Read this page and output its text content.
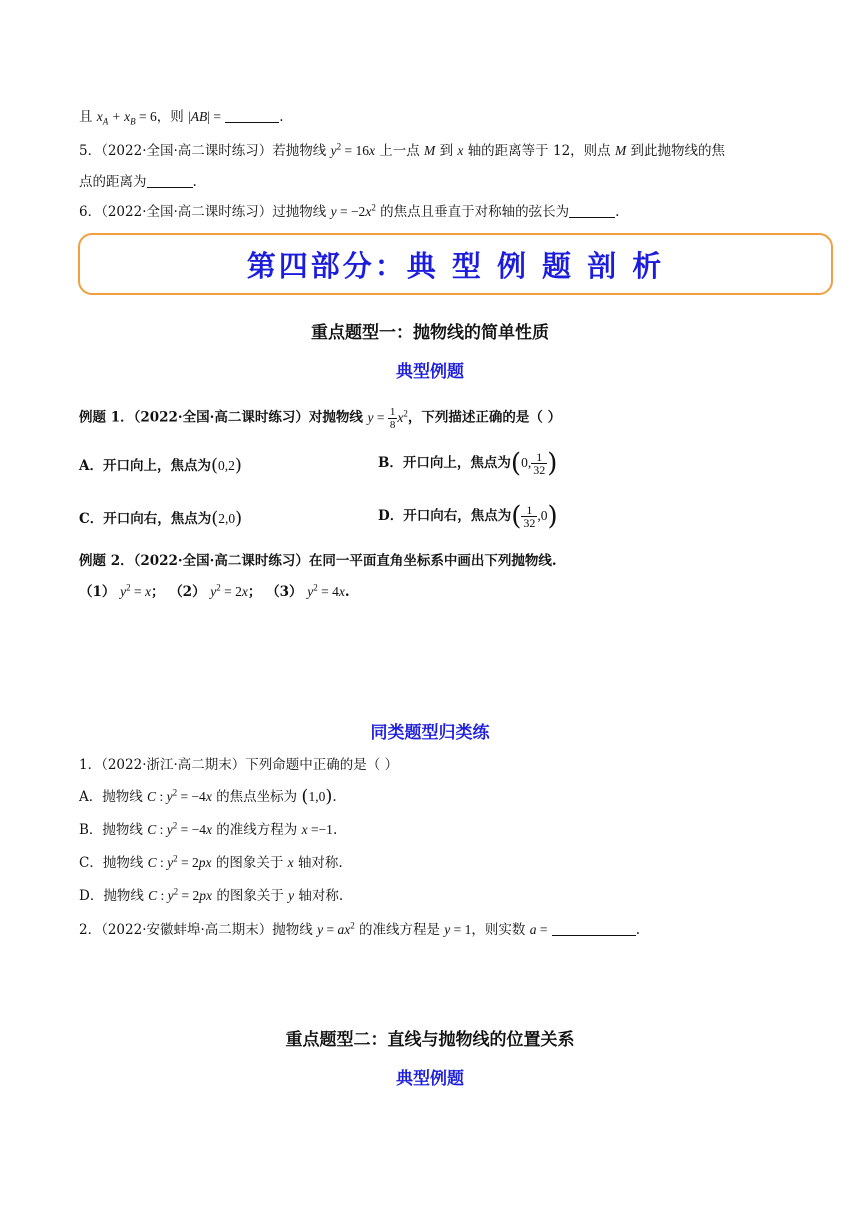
且 $x_A + x_B = 6$，则 |AB| =	.
5．（2022·全国·高二课时练习）若抛物线 $y^2 = 16x$ 上一点 M 到 x 轴的距离等于 12，则点 M 到此抛物线的焦
点的距离为	.
6．（2022·全国·高二课时练习）过抛物线 $y = -2x^2$ 的焦点且垂直于对称轴的弦长为	.
第四部分：典 型 例 题 剖 析
重点题型一：抛物线的简单性质
典型例题
例题 1．（2022·全国·高二课时练习）对抛物线 $y = \frac{1}{8} x^2$，下列描述正确的是（ ）
A．开口向上，焦点为(0,2)	B．开口向上，焦点为(0, $\frac{1}{32}$ )
C．开口向右，焦点为(2,0)	D．开口向右，焦点为( $\frac{1}{32} ,0$)
例题 2．（2022·全国·高二课时练习）在同一平面直角坐标系中画出下列抛物线.
（1） $y^2 = x$； （2） $y^2 = 2x$； （3） $y^2 = 4x$.
同类题型归类练
1．（2022·浙江·高二期末）下列命题中正确的是（ ）
A．抛物线 C : $y^2 = -4x$ 的焦点坐标为 (1,0).
B．抛物线 C : $y^2 = -4x$ 的准线方程为 x =−1.
C．抛物线 C : $y^2 = 2px$ 的图象关于 x 轴对称.
D．抛物线 C : $y^2 = 2px$ 的图象关于 y 轴对称.
2．（2022·安徽蚌埠·高二期末）抛物线 $y = ax^2$ 的准线方程是 y = 1，则实数 a =	.
重点题型二：直线与抛物线的位置关系
典型例题
